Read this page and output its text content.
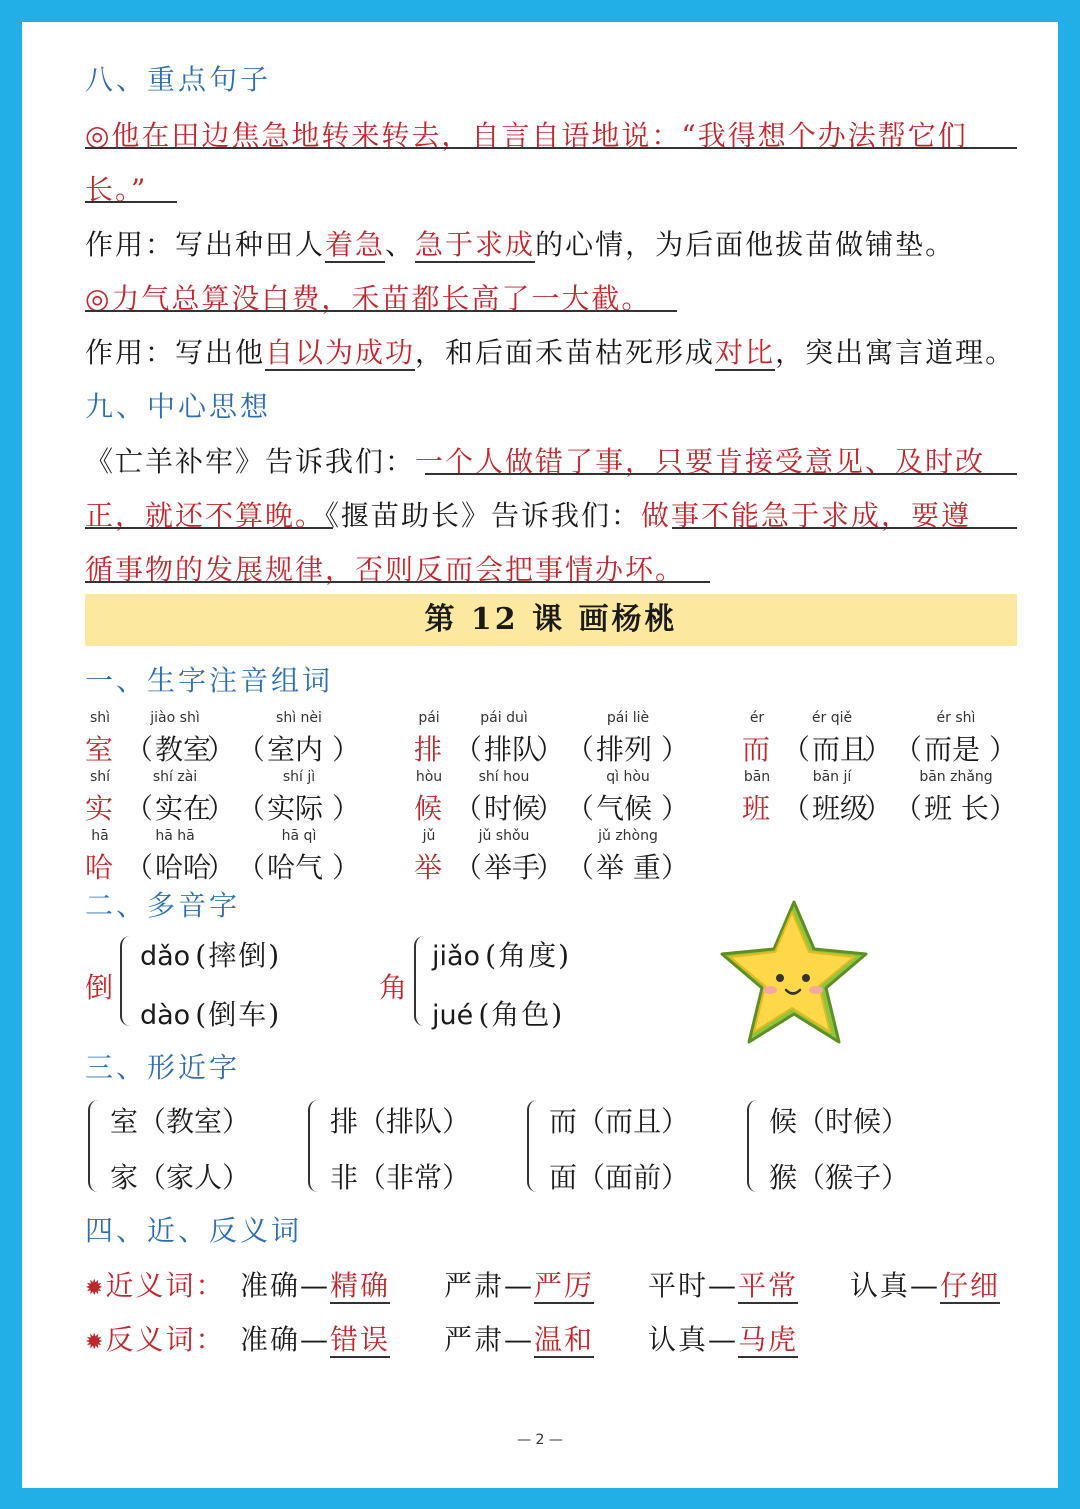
八、重点句子
◎他在田边焦急地转来转去，自言自语地说：“我得想个办法帮它们
长。”
作用：写出种田人着急、急于求成的心情，为后面他拔苗做铺垫。
◎力气总算没白费，禾苗都长高了一大截。
作用：写出他自以为成功，和后面禾苗枯死形成对比，突出寓言道理。
九、中心思想
《亡羊补牢》告诉我们：一个人做错了事，只要肯接受意见、及时改
正，就还不算晚。《揠苗助长》告诉我们：做事不能急于求成，要遵
循事物的发展规律，否则反而会把事情办坏。
第 12 课 画杨桃
一、生字注音组词
二、多音字
倒
dǎo (摔倒)
dào (倒车)
角
jiǎo (角度)
jué (角色)
三、形近字
四、近、反义词
✹近义词：
✹反义词：
— 2 —
shì
室
jiào shì
教室
shì nèi
室内
（ ） （ ）
pái
排
pái duì
排队
pái liè
排列
（ ） （ ）
ér
而
ér qiě
而且
ér shì
而是
（ ） （ ）
shí
实
shí zài
实在
shí jì
实际
（ ） （ ）
hòu
候
shí hou
时候
qì hòu
气候
（ ） （ ）
bān
班
bān jí
班级
bān zhǎng
班 长
（ ） （ ）
hā
哈
hā hā
哈哈
hā qì
哈气
（ ） （ ）
jǔ
举
jǔ shǒu
举手
jǔ zhòng
举 重
（ ） （ ）
室（教室）
家（家人）
排（排队）
非（非常）
而（而且）
面（面前）
候（时候）
猴（猴子）
准确—精确 严肃—严厉 平时—平常 认真—仔细
准确—错误 严肃—温和 认真—马虎
